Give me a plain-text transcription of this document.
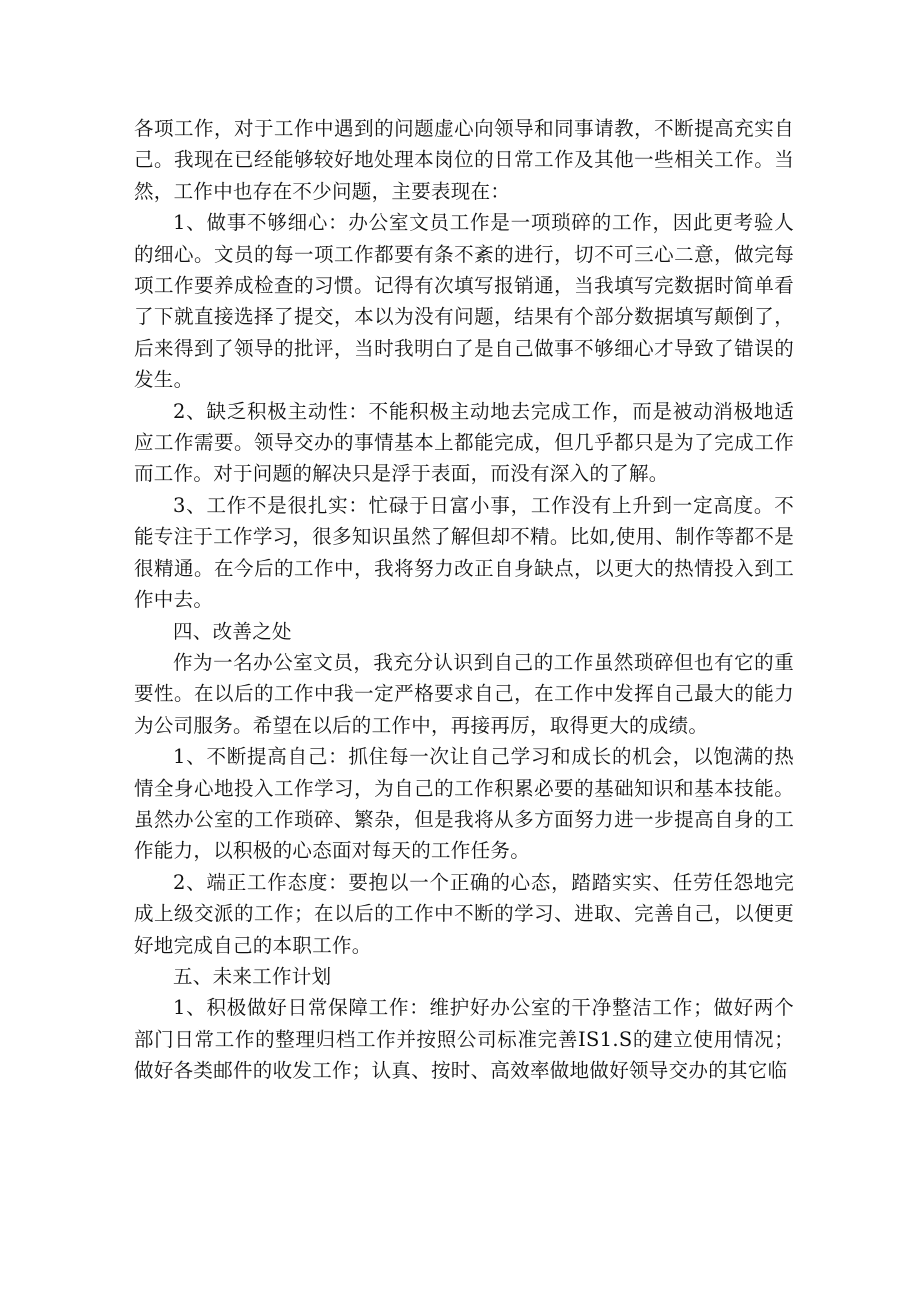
各项工作，对于工作中遇到的问题虚心向领导和同事请教，不断提高充实自己。我现在已经能够较好地处理本岗位的日常工作及其他一些相关工作。当然，工作中也存在不少问题，主要表现在：

1、做事不够细心：办公室文员工作是一项琐碎的工作，因此更考验人的细心。文员的每一项工作都要有条不紊的进行，切不可三心二意，做完每项工作要养成检查的习惯。记得有次填写报销通，当我填写完数据时简单看了下就直接选择了提交，本以为没有问题，结果有个部分数据填写颠倒了，后来得到了领导的批评，当时我明白了是自己做事不够细心才导致了错误的发生。

2、缺乏积极主动性：不能积极主动地去完成工作，而是被动消极地适应工作需要。领导交办的事情基本上都能完成，但几乎都只是为了完成工作而工作。对于问题的解决只是浮于表面，而没有深入的了解。

3、工作不是很扎实：忙碌于日富小事，工作没有上升到一定高度。不能专注于工作学习，很多知识虽然了解但却不精。比如,使用、制作等都不是很精通。在今后的工作中，我将努力改正自身缺点，以更大的热情投入到工作中去。

四、改善之处

作为一名办公室文员，我充分认识到自己的工作虽然琐碎但也有它的重要性。在以后的工作中我一定严格要求自己，在工作中发挥自己最大的能力为公司服务。希望在以后的工作中，再接再厉，取得更大的成绩。

1、不断提高自己：抓住每一次让自己学习和成长的机会，以饱满的热情全身心地投入工作学习，为自己的工作积累必要的基础知识和基本技能。虽然办公室的工作琐碎、繁杂，但是我将从多方面努力进一步提高自身的工作能力，以积极的心态面对每天的工作任务。

2、端正工作态度：要抱以一个正确的心态，踏踏实实、任劳任怨地完成上级交派的工作；在以后的工作中不断的学习、进取、完善自己，以便更好地完成自己的本职工作。

五、未来工作计划

1、积极做好日常保障工作：维护好办公室的干净整洁工作；做好两个部门日常工作的整理归档工作并按照公司标准完善IS1.S的建立使用情况；做好各类邮件的收发工作；认真、按时、高效率做地做好领导交办的其它临
